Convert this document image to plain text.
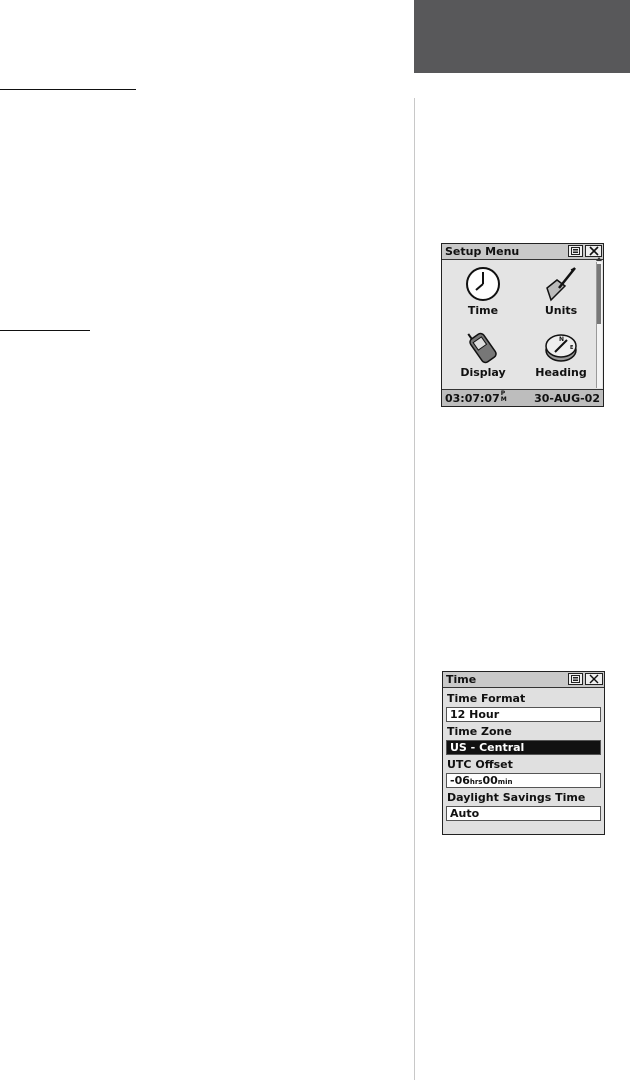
Setup Menu
Time	Units
Display
N
E
Heading
03:07:07P
M 30-AUG-02
Time
Time Format
12 Hour
Time Zone
US - Central
UTC Offset
-06hrs00min
Daylight Savings Time
Auto
